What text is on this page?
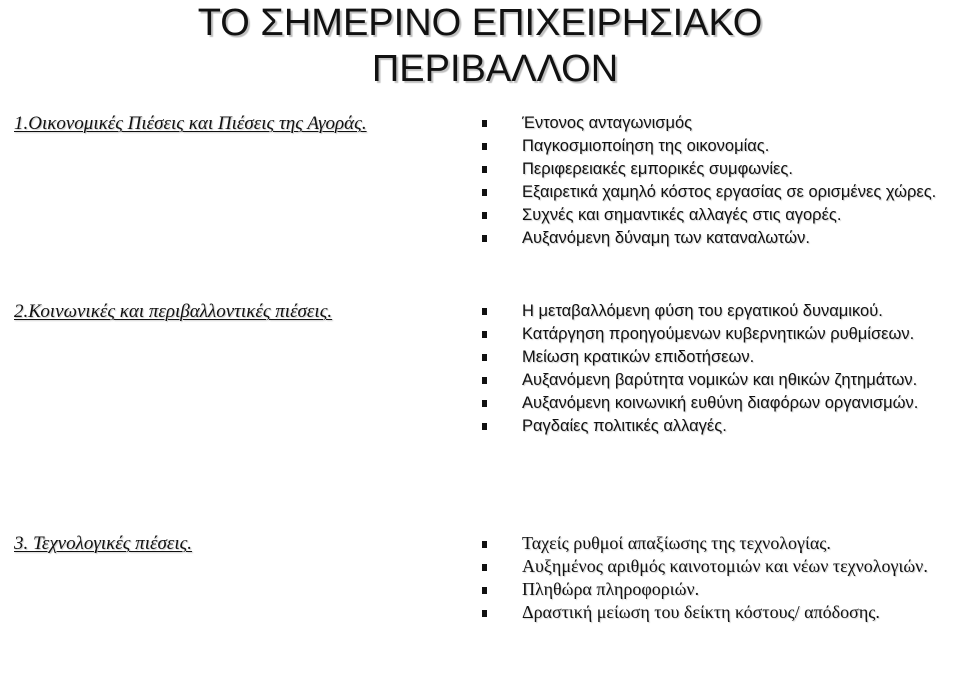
ΤΟ ΣΗΜΕΡΙΝΟ ΕΠΙΧΕΙΡΗΣΙΑΚΟ
ΠΕΡΙΒΑΛΛΟΝ
1.Οικονομικές Πιέσεις και Πιέσεις της Αγοράς.	Έντονος ανταγωνισμός
Παγκοσμιοποίηση της οικονομίας.
Περιφερειακές εμπορικές συμφωνίες.
Εξαιρετικά χαμηλό κόστος εργασίας σε ορισμένες χώρες.
Συχνές και σημαντικές αλλαγές στις αγορές.
Αυξανόμενη δύναμη των καταναλωτών.
2.Κοινωνικές και περιβαλλοντικές πιέσεις.	Η μεταβαλλόμενη φύση του εργατικού δυναμικού.
Κατάργηση προηγούμενων κυβερνητικών ρυθμίσεων.
Μείωση κρατικών επιδοτήσεων.
Αυξανόμενη βαρύτητα νομικών και ηθικών ζητημάτων.
Αυξανόμενη κοινωνική ευθύνη διαφόρων οργανισμών.
Ραγδαίες πολιτικές αλλαγές.
3. Τεχνολογικές πιέσεις.	Ταχείς ρυθμοί απαξίωσης της τεχνολογίας.
Αυξημένος αριθμός καινοτομιών και νέων τεχνολογιών.
Πληθώρα πληροφοριών.
Δραστική μείωση του δείκτη κόστους/ απόδοσης.
